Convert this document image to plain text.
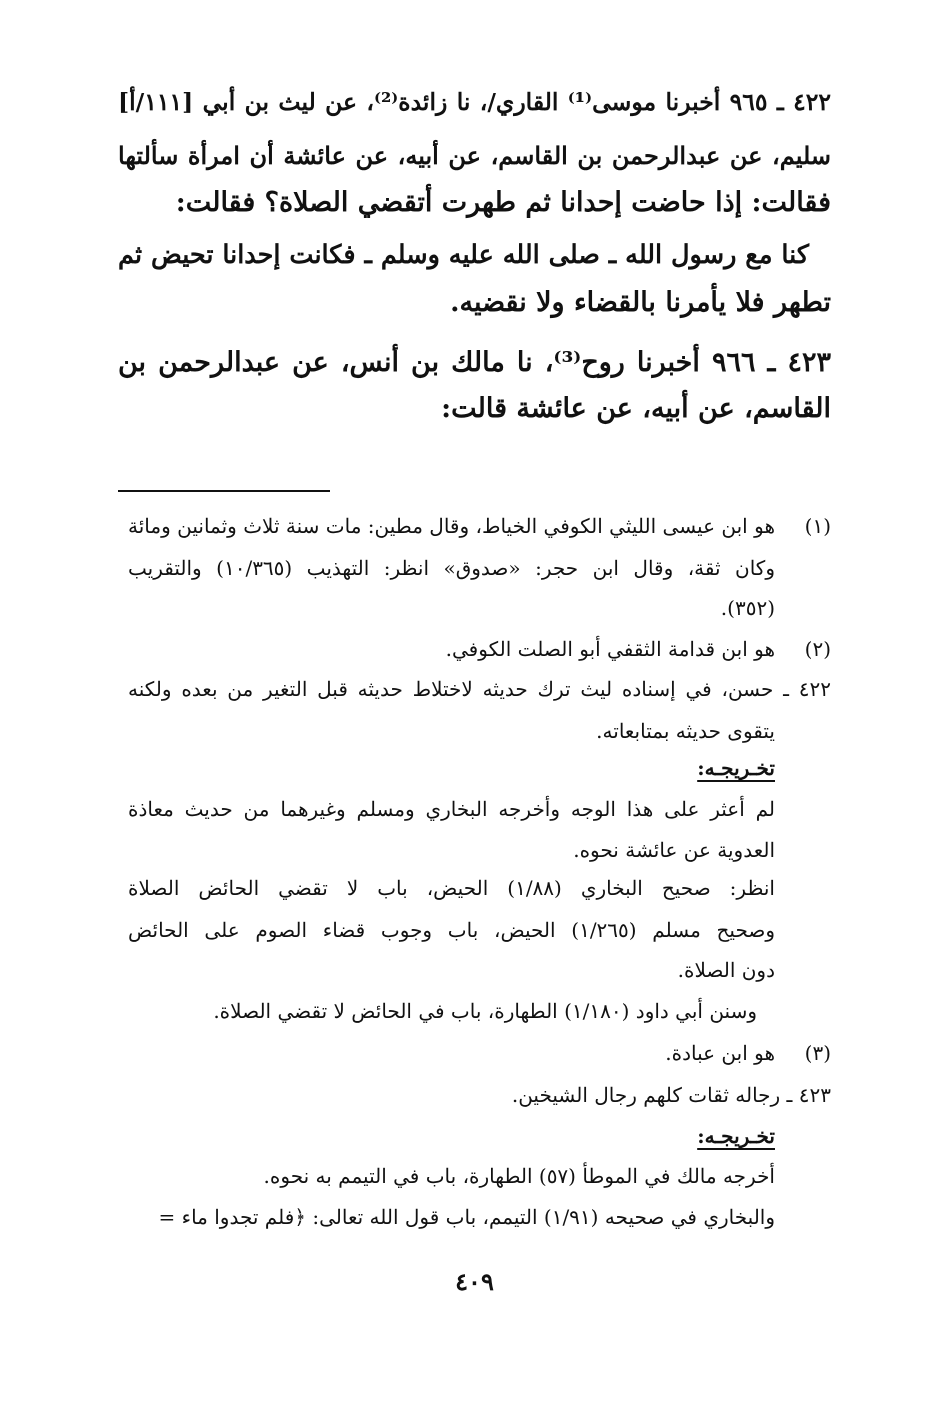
٤٢٢ ـ ٩٦٥ أخبرنا موسى⁽¹⁾ القاري/، نا زائدة⁽²⁾، عن ليث بن أبي [١١١/أ]
سليم، عن عبدالرحمن بن القاسم، عن أبيه، عن عائشة أن امرأة سألتها
فقالت: إذا حاضت إحدانا ثم طهرت أتقضي الصلاة؟ فقالت:
كنا مع رسول الله ـ صلى الله عليه وسلم ـ فكانت إحدانا تحيض ثم
تطهر فلا يأمرنا بالقضاء ولا نقضيه.
٤٢٣ ـ ٩٦٦ أخبرنا روح⁽³⁾، نا مالك بن أنس، عن عبدالرحمن بن
القاسم، عن أبيه، عن عائشة قالت:
(١)
هو ابن عيسى الليثي الكوفي الخياط، وقال مطين: مات سنة ثلاث وثمانين ومائة
وكان ثقة، وقال ابن حجر: «صدوق» انظر: التهذيب (١٠/٣٦٥) والتقريب
(٣٥٢).
(٢)
هو ابن قدامة الثقفي أبو الصلت الكوفي.
٤٢٢ ـ حسن، في إسناده ليث ترك حديثه لاختلاط حديثه قبل التغير من بعده ولكنه
يتقوى حديثه بمتابعاته.
تخـريجـه:
لم أعثر على هذا الوجه وأخرجه البخاري ومسلم وغيرهما من حديث معاذة
العدوية عن عائشة نحوه.
انظر: صحيح البخاري (١/٨٨) الحيض، باب لا تقضي الحائض الصلاة
وصحيح مسلم (١/٢٦٥) الحيض، باب وجوب قضاء الصوم على الحائض
دون الصلاة.
وسنن أبي داود (١/١٨٠) الطهارة، باب في الحائض لا تقضي الصلاة.
(٣)
هو ابن عبادة.
٤٢٣ ـ رجاله ثقات كلهم رجال الشيخين.
تخـريجـه:
أخرجه مالك في الموطأ (٥٧) الطهارة، باب في التيمم به نحوه.
والبخاري في صحيحه (١/٩١) التيمم، باب قول الله تعالى: ﴿فلم تجدوا ماء =
٤٠٩
